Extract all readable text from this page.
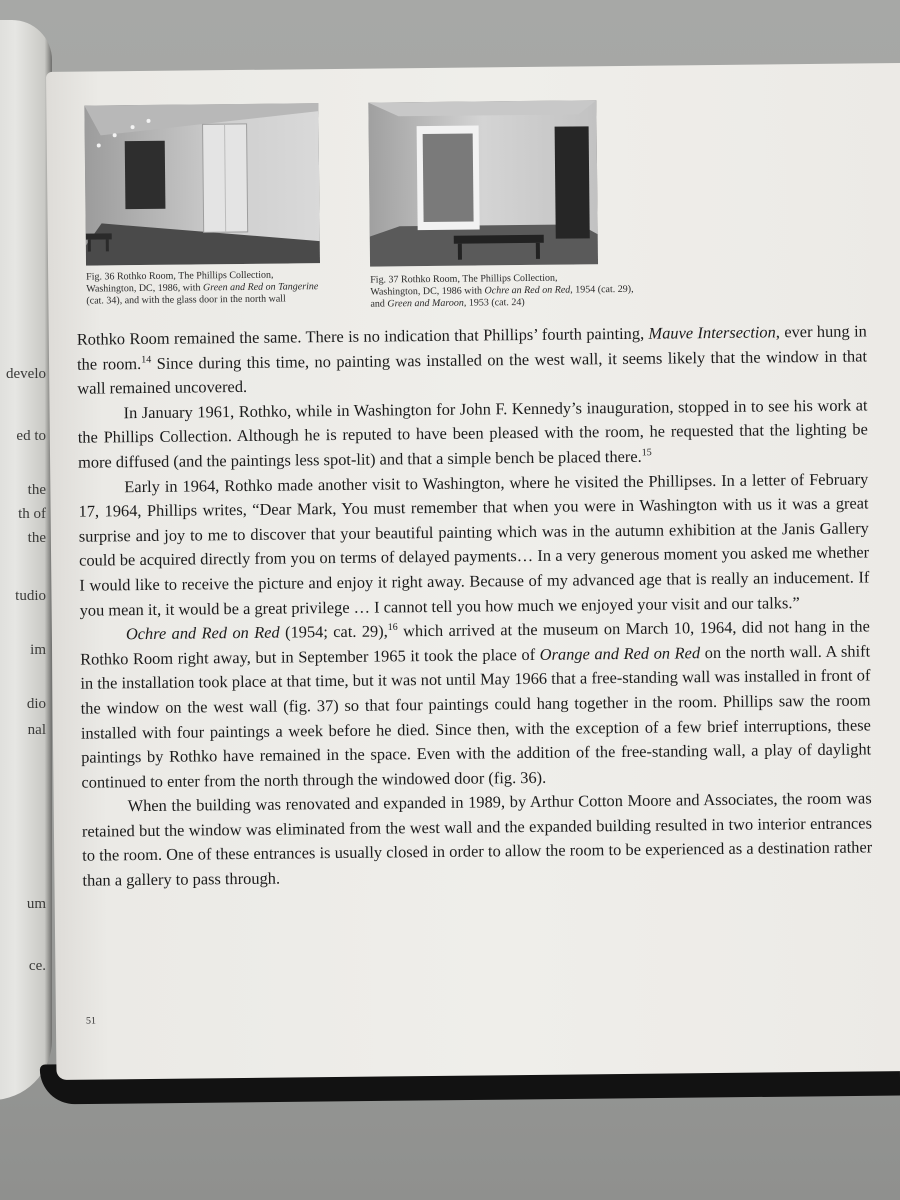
develo
ed to
the
th of
the
tudio
im
dio
nal
um
ce.
Fig. 36 Rothko Room, The Phillips Collection,
Washington, DC, 1986, with Green and Red on Tangerine
(cat. 34), and with the glass door in the north wall
Fig. 37 Rothko Room, The Phillips Collection,
Washington, DC, 1986 with Ochre an Red on Red, 1954 (cat. 29),
and Green and Maroon, 1953 (cat. 24)

Rothko Room remained the same. There is no indication that Phillips’ fourth painting, Mauve Intersection, ever hung in the room.$^{14}$ Since during this time, no painting was installed on the west wall, it seems likely that the window in that wall remained uncovered.

In January 1961, Rothko, while in Washington for John F. Kennedy’s inauguration, stopped in to see his work at the Phillips Collection. Although he is reputed to have been pleased with the room, he requested that the lighting be more diffused (and the paintings less spot-lit) and that a simple bench be placed there.$^{15}$

Early in 1964, Rothko made another visit to Washington, where he visited the Phillipses. In a letter of February 17, 1964, Phillips writes, “Dear Mark, You must remember that when you were in Washington with us it was a great surprise and joy to me to discover that your beautiful painting which was in the autumn exhibition at the Janis Gallery could be acquired directly from you on terms of delayed payments… In a very generous moment you asked me whether I would like to receive the picture and enjoy it right away. Because of my advanced age that is really an inducement. If you mean it, it would be a great privilege … I cannot tell you how much we enjoyed your visit and our talks.”

Ochre and Red on Red (1954; cat. 29),$^{16}$ which arrived at the museum on March 10, 1964, did not hang in the Rothko Room right away, but in September 1965 it took the place of Orange and Red on Red on the north wall. A shift in the installation took place at that time, but it was not until May 1966 that a free-standing wall was installed in front of the window on the west wall (fig. 37) so that four paintings could hang together in the room. Phillips saw the room installed with four paintings a week before he died. Since then, with the exception of a few brief interruptions, these paintings by Rothko have remained in the space. Even with the addition of the free-standing wall, a play of daylight continued to enter from the north through the windowed door (fig. 36).

When the building was renovated and expanded in 1989, by Arthur Cotton Moore and Associates, the room was retained but the window was eliminated from the west wall and the expanded building resulted in two interior entrances to the room. One of these entrances is usually closed in order to allow the room to be experienced as a destination rather than a gallery to pass through.

51
